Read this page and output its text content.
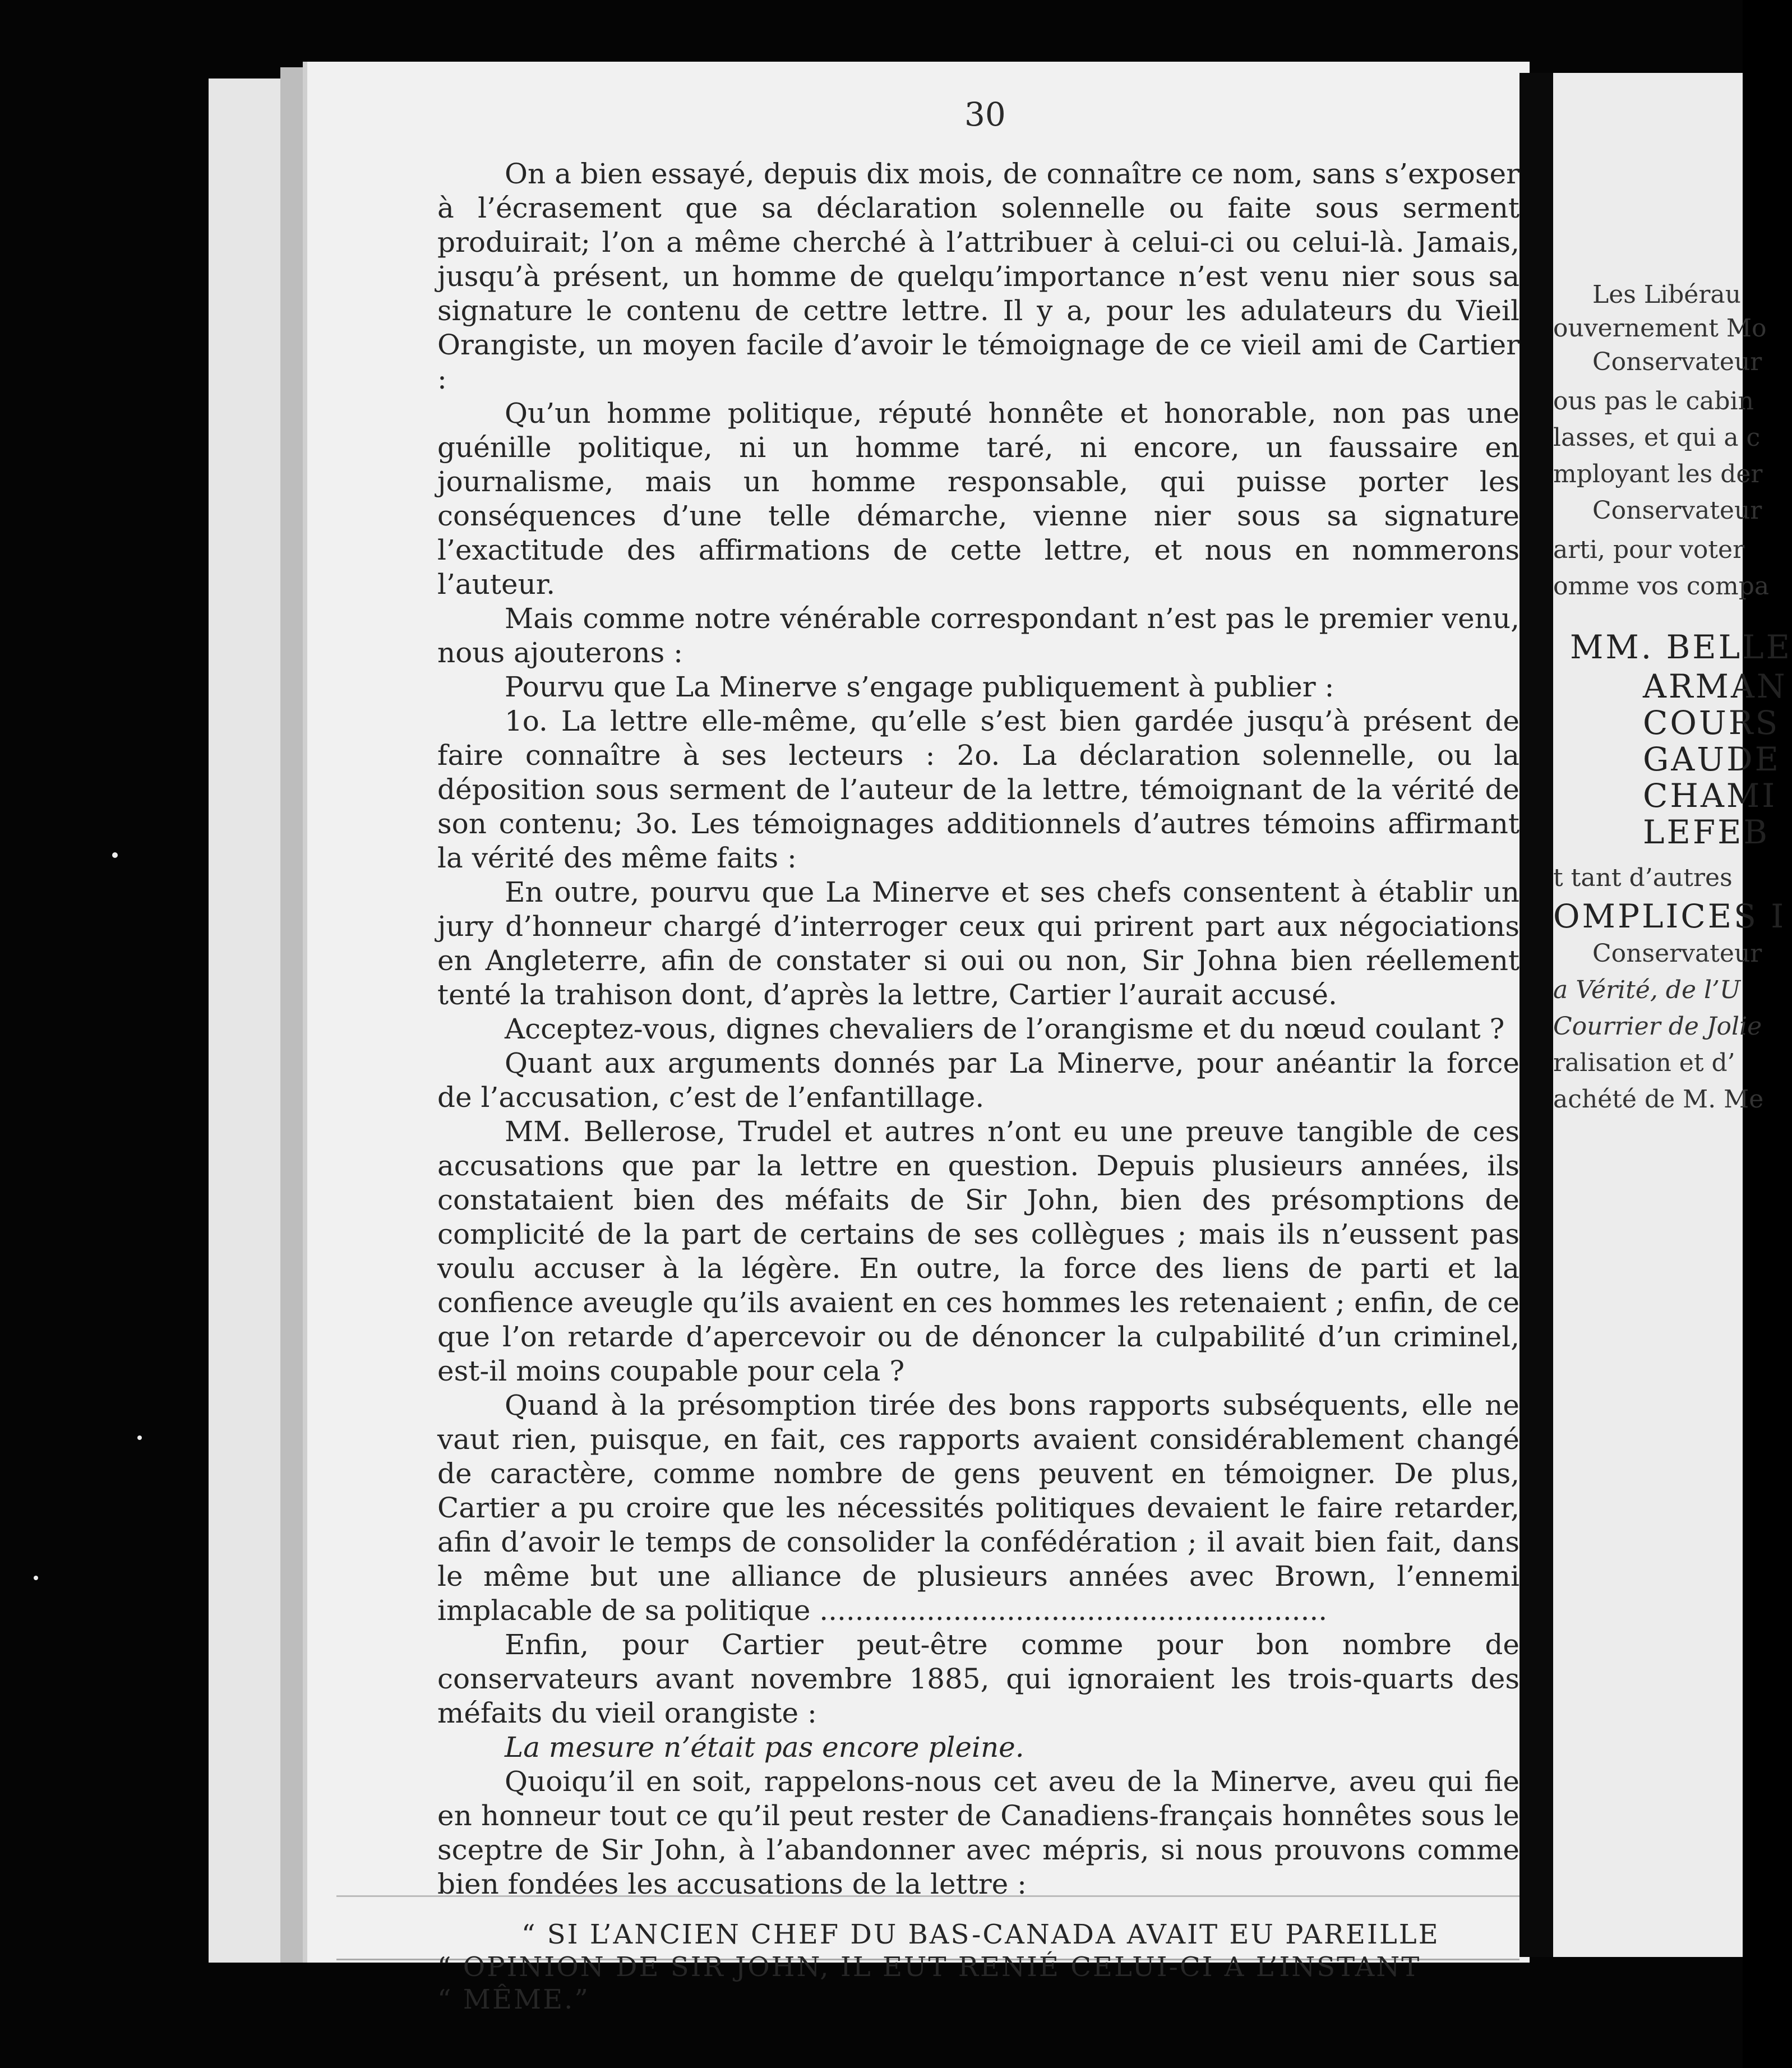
30

On a bien essayé, depuis dix mois, de connaître ce nom, sans s’exposer à l’écrasement que sa déclaration solennelle ou faite sous serment produirait; l’on a même cherché à l’attribuer à celui-ci ou celui-là. Jamais, jusqu’à présent, un homme de quelqu’importance n’est venu nier sous sa signature le contenu de cettre lettre. Il y a, pour les adulateurs du Vieil Orangiste, un moyen facile d’avoir le témoignage de ce vieil ami de Cartier :

Qu’un homme politique, réputé honnête et honorable, non pas une guénille politique, ni un homme taré, ni encore, un faussaire en journalisme, mais un homme responsable, qui puisse porter les conséquences d’une telle démarche, vienne nier sous sa signature l’exactitude des affirmations de cette lettre, et nous en nommerons l’auteur.

Mais comme notre vénérable correspondant n’est pas le premier venu, nous ajouterons :

Pourvu que La Minerve s’engage publiquement à publier :

1o. La lettre elle-même, qu’elle s’est bien gardée jusqu’à présent de faire connaître à ses lecteurs : 2o. La déclaration solennelle, ou la déposition sous serment de l’auteur de la lettre, témoignant de la vérité de son contenu; 3o. Les témoignages additionnels d’autres témoins affirmant la vérité des même faits :

En outre, pourvu que La Minerve et ses chefs consentent à établir un jury d’honneur chargé d’interroger ceux qui prirent part aux négociations en Angleterre, afin de constater si oui ou non, Sir Johna bien réellement tenté la trahison dont, d’après la lettre, Cartier l’aurait accusé.

Acceptez-vous, dignes chevaliers de l’orangisme et du nœud coulant ?

Quant aux arguments donnés par La Minerve, pour anéantir la force de l’accusation, c’est de l’enfantillage.

MM. Bellerose, Trudel et autres n’ont eu une preuve tangible de ces accusations que par la lettre en question. Depuis plusieurs années, ils constataient bien des méfaits de Sir John, bien des présomptions de complicité de la part de certains de ses collègues ; mais ils n’eussent pas voulu accuser à la légère. En outre, la force des liens de parti et la confience aveugle qu’ils avaient en ces hommes les retenaient ; enfin, de ce que l’on retarde d’apercevoir ou de dénoncer la culpabilité d’un criminel, est-il moins coupable pour cela ?

Quand à la présomption tirée des bons rapports subséquents, elle ne vaut rien, puisque, en fait, ces rapports avaient considérablement changé de caractère, comme nombre de gens peuvent en témoigner. De plus, Cartier a pu croire que les nécessités politiques devaient le faire retarder, afin d’avoir le temps de consolider la confédération ; il avait bien fait, dans le même but une alliance de plusieurs années avec Brown, l’ennemi implacable de sa politique .........................................................

Enfin, pour Cartier peut-être comme pour bon nombre de conservateurs avant novembre 1885, qui ignoraient les trois-quarts des méfaits du vieil orangiste :

La mesure n’était pas encore pleine.

Quoiqu’il en soit, rappelons-nous cet aveu de la Minerve, aveu qui fie en honneur tout ce qu’il peut rester de Canadiens-français honnêtes sous le sceptre de Sir John, à l’abandonner avec mépris, si nous prouvons comme bien fondées les accusations de la lettre :

“ SI L’ANCIEN CHEF DU BAS-CANADA AVAIT EU PAREILLE
“ OPINION DE SIR JOHN, IL EUT RENIÉ CELUI-CI A L’INSTANT
“ MÊME.”
Les Libérau
ouvernement Mo
Conservateur
ous pas le cabin
lasses, et qui a c
mployant les der
Conservateur
arti, pour voter
omme vos compa
MM. BELLE
ARMAN
COURS
GAUDE
CHAMI
LEFEB
t tant d’autres
OMPLICES I
Conservateur
a Vérité, de l’U
Courrier de Jolie
ralisation et d’
achété de M. Me
